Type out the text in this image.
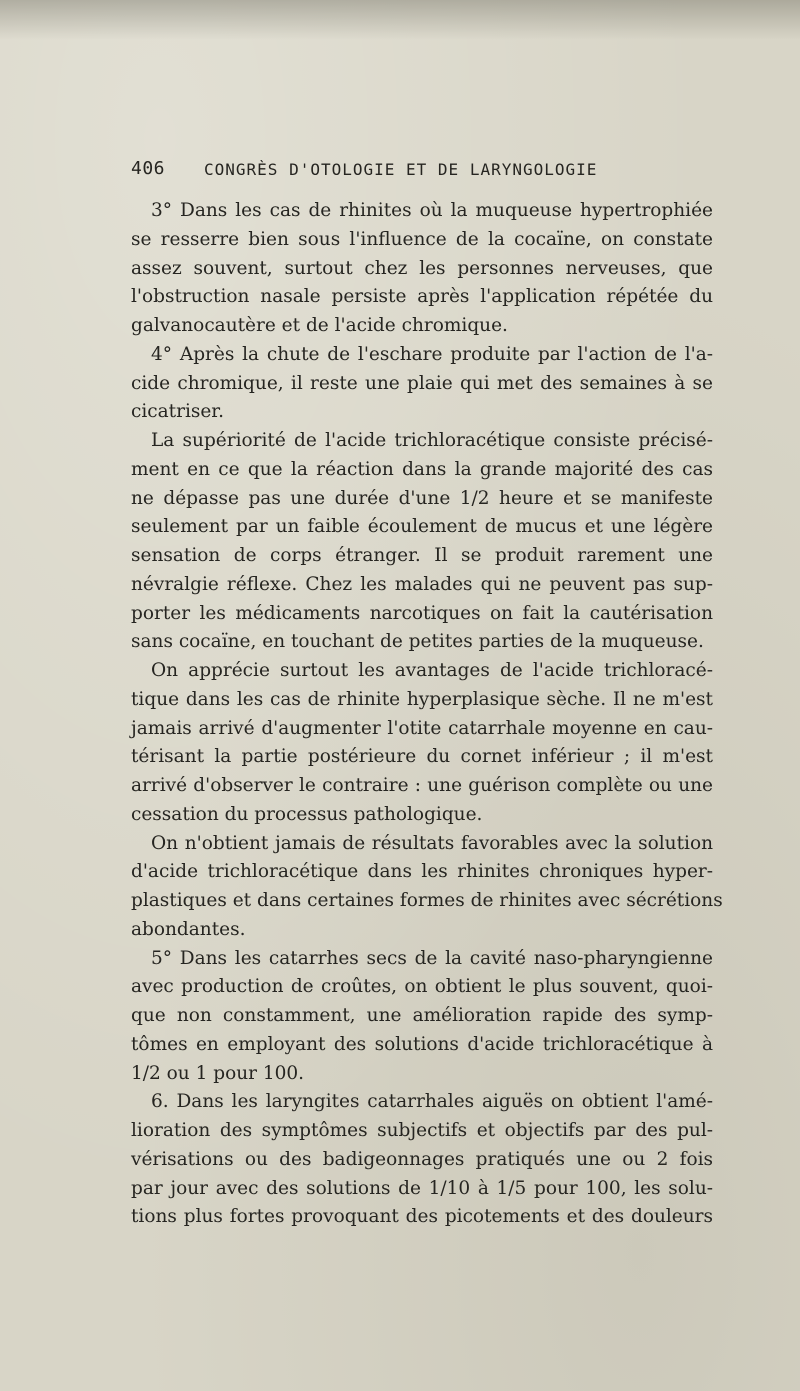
406 CONGRÈS D'OTOLOGIE ET DE LARYNGOLOGIE
3° Dans les cas de rhinites où la muqueuse hypertrophiée
se resserre bien sous l'influence de la cocaïne, on constate
assez souvent, surtout chez les personnes nerveuses, que
l'obstruction nasale persiste après l'application répétée du
galvanocautère et de l'acide chromique.
4° Après la chute de l'eschare produite par l'action de l'a-
cide chromique, il reste une plaie qui met des semaines à se
cicatriser.
La supériorité de l'acide trichloracétique consiste précisé-
ment en ce que la réaction dans la grande majorité des cas
ne dépasse pas une durée d'une 1/2 heure et se manifeste
seulement par un faible écoulement de mucus et une légère
sensation de corps étranger. Il se produit rarement une
névralgie réflexe. Chez les malades qui ne peuvent pas sup-
porter les médicaments narcotiques on fait la cautérisation
sans cocaïne, en touchant de petites parties de la muqueuse.
On apprécie surtout les avantages de l'acide trichloracé-
tique dans les cas de rhinite hyperplasique sèche. Il ne m'est
jamais arrivé d'augmenter l'otite catarrhale moyenne en cau-
térisant la partie postérieure du cornet inférieur ; il m'est
arrivé d'observer le contraire : une guérison complète ou une
cessation du processus pathologique.
On n'obtient jamais de résultats favorables avec la solution
d'acide trichloracétique dans les rhinites chroniques hyper-
plastiques et dans certaines formes de rhinites avec sécrétions
abondantes.
5° Dans les catarrhes secs de la cavité naso-pharyngienne
avec production de croûtes, on obtient le plus souvent, quoi-
que non constamment, une amélioration rapide des symp-
tômes en employant des solutions d'acide trichloracétique à
1/2 ou 1 pour 100.
6. Dans les laryngites catarrhales aiguës on obtient l'amé-
lioration des symptômes subjectifs et objectifs par des pul-
vérisations ou des badigeonnages pratiqués une ou 2 fois
par jour avec des solutions de 1/10 à 1/5 pour 100, les solu-
tions plus fortes provoquant des picotements et des douleurs
